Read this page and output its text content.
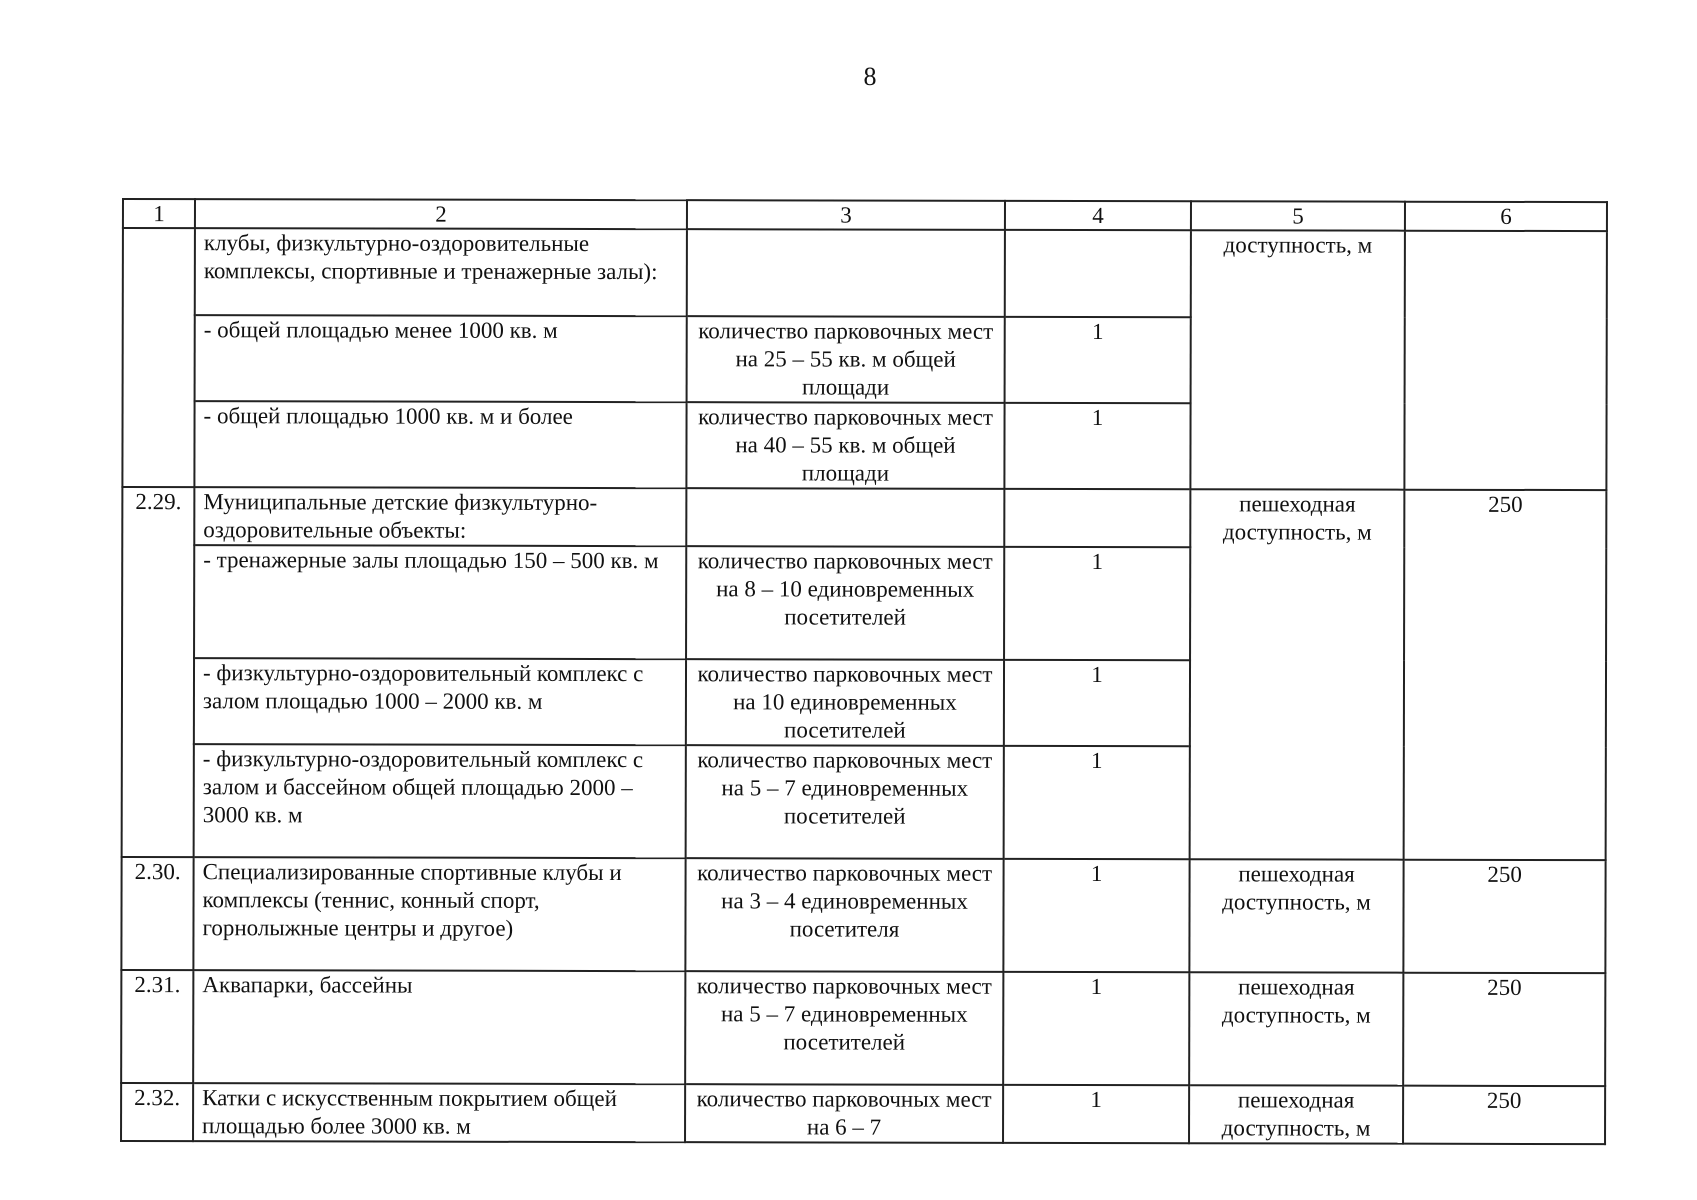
8
1	2	3	4	5	6
	клубы, физкультурно-оздоровительные комплексы, спортивные и тренажерные залы):			доступность, м	
	- общей площадью менее 1000 кв. м	количество парковочных мест на 25 – 55 кв. м общей площади	1		
	- общей площадью 1000 кв. м и более	количество парковочных мест на 40 – 55 кв. м общей площади	1		
2.29.	Муниципальные детские физкультурно-оздоровительные объекты:			пешеходная доступность, м	250
	- тренажерные залы площадью 150 – 500 кв. м	количество парковочных мест на 8 – 10 единовременных посетителей	1		
	- физкультурно-оздоровительный комплекс с залом площадью 1000 – 2000 кв. м	количество парковочных мест на 10 единовременных посетителей	1		
	- физкультурно-оздоровительный комплекс с залом и бассейном общей площадью 2000 – 3000 кв. м	количество парковочных мест на 5 – 7 единовременных посетителей	1		
2.30.	Специализированные спортивные клубы и комплексы (теннис, конный спорт, горнолыжные центры и другое)	количество парковочных мест на 3 – 4 единовременных посетителя	1	пешеходная доступность, м	250
2.31.	Аквапарки, бассейны	количество парковочных мест на 5 – 7 единовременных посетителей	1	пешеходная доступность, м	250
2.32.	Катки с искусственным покрытием общей площадью более 3000 кв. м	количество парковочных мест на 6 – 7	1	пешеходная доступность, м	250
